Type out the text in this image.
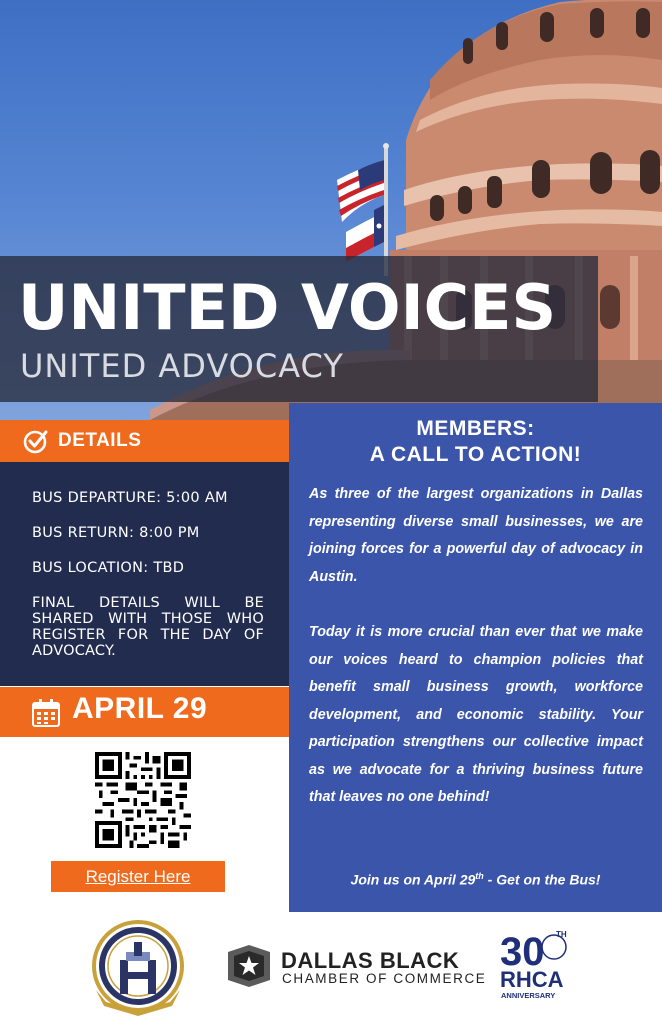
UNITED VOICES
UNITED ADVOCACY
DETAILS
BUS DEPARTURE: 5:00 AM
BUS RETURN: 8:00 PM
BUS LOCATION: TBD
FINAL DETAILS WILL BE SHARED WITH THOSE WHO REGISTER FOR THE DAY OF ADVOCACY.
APRIL 29
Register Here
MEMBERS:
A CALL TO ACTION!
As three of the largest organizations in Dallas representing diverse small businesses, we are joining forces for a powerful day of advocacy in Austin.
Today it is more crucial than ever that we make our voices heard to champion policies that benefit small business growth, workforce development, and economic stability. Your participation strengthens our collective impact as we advocate for a thriving business future that leaves no one behind!
Join us on April 29th - Get on the Bus!
1939
DALLAS BLACK
CHAMBER OF COMMERCE
30 TH
RHCA
ANNIVERSARY
